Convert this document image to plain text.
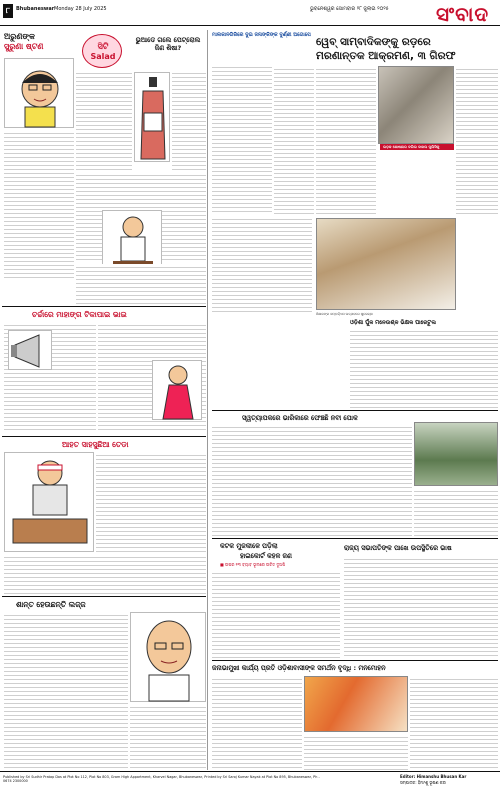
୮	Bhubaneswar Monday 28 July 2025	ଭୁବନେଶ୍ୱର ସୋମବାର ୨୮ ଜୁଲାଇ ୨୦୨୫ ସଂବାଦ
ଅରୁଣଙ୍କ
ସୁରୁଣା ଷ୍ଟଣ	ସିଟି Salad
ଭୁଆଡେ ଗଲେ ପେଟ୍ରୋଲ ଜିଣ ଶିଷା?
ଚର୍ଚ୍ଚାରେ ମାହାଙ୍ଗ ଟିକାପାଇ ଭାଇ
ଆହତ ସାହସୁଛିଆ ତେଡା
ଶାନ୍ତ ହେଉଛନ୍ତି ଲଜ୍ଜ
ମାଲକାନଗିରିରେ ଦୁଇ ଜନାଙ୍କିଙ୍କ ଦୁର୍ଣ୍ଣୀ ଅଗୋପେ
ୱେବ୍ ସାମ୍ବାଦିକଙ୍କୁ ରଡ଼ରେ
ମରଣାନ୍ତକ ଆକ୍ରମଣ, ୩ ଗିରଫ
ଲଡ଼କ ଶୋଷଣାର ଦଲିଲ ଦାଖଲ ପୁଲିସିକୁ
ଶିକ୍ଷକଙ୍କ ସମ୍ବର୍ଦ୍ଧନା ଉତ୍ସବରେ ଶୁଭେଚ୍ଛା
ଓଡ଼ିଶା ପୁଁଳ ମନେଉଶ୍ଳ ଭିକ୍ଷକ ପାରେଟୁଲ
ସ୍ୱତ୍ୟାପକରେ ଭାରିକାରେ ଫେଞ୍ଚଛି ନବୀ ପୋକ
କଟକ ମୁଜକୀଳେ ପଡ଼ିଲା
ହାଇକୋର୍ଟ କହଳ ଜଣ
■ ଉପର ୧୩ ବ୍ୟାବ ଭୂଲରେ ଉଚିତ ଦୁଅଷି
ରାଜ୍ୟ ସଭାପତିଙ୍କ ପାଖେ ଉପସ୍ଥିତିରେ ଭାଷ
ଜନାଭାମୁଖୀ କାର୍ଯ୍ୟ ପ୍ରତି ଓଡ଼ିଶାବାସୀଙ୍କ ସମର୍ଥନ ବୃଦ୍ଧି : ମନମୋହନ
Published by Sri Sudhir Pratap Das at Plot No 112, Plot No 803, Gram High Appartment, Kharvel Nagar, Bhubaneswar, Printed by Sri Saroj Kumar Nayak at Plot No 895, Bhubaneswar, Ph - 0674 2300000
Editor: Himanshu Bhusan Kar
ସମ୍ପାଦକ: ହିମାଂଶୁ ଭୂଷଣ କର
